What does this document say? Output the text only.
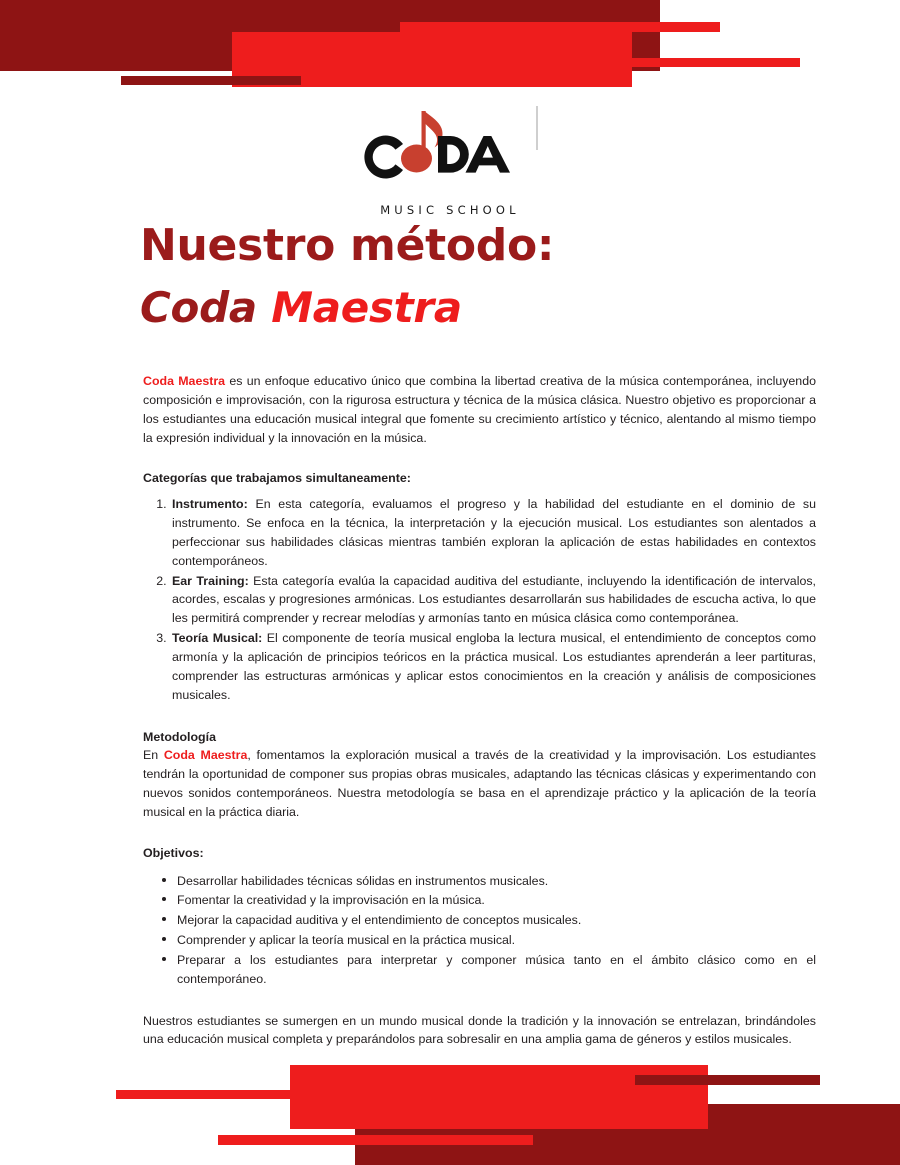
MUSIC SCHOOL
Nuestro método:
Coda Maestra

Coda Maestra es un enfoque educativo único que combina la libertad creativa de la música contemporánea, incluyendo composición e improvisación, con la rigurosa estructura y técnica de la música clásica. Nuestro objetivo es proporcionar a los estudiantes una educación musical integral que fomente su crecimiento artístico y técnico, alentando al mismo tiempo la expresión individual y la innovación en la música.

Categorías que trabajamos simultaneamente:

1. Instrumento: En esta categoría, evaluamos el progreso y la habilidad del estudiante en el dominio de su instrumento. Se enfoca en la técnica, la interpretación y la ejecución musical. Los estudiantes son alentados a perfeccionar sus habilidades clásicas mientras también exploran la aplicación de estas habilidades en contextos contemporáneos.
2. Ear Training: Esta categoría evalúa la capacidad auditiva del estudiante, incluyendo la identificación de intervalos, acordes, escalas y progresiones armónicas. Los estudiantes desarrollarán sus habilidades de escucha activa, lo que les permitirá comprender y recrear melodías y armonías tanto en música clásica como contemporánea.
3. Teoría Musical: El componente de teoría musical engloba la lectura musical, el entendimiento de conceptos como armonía y la aplicación de principios teóricos en la práctica musical. Los estudiantes aprenderán a leer partituras, comprender las estructuras armónicas y aplicar estos conocimientos en la creación y análisis de composiciones musicales.

Metodología

En Coda Maestra, fomentamos la exploración musical a través de la creatividad y la improvisación. Los estudiantes tendrán la oportunidad de componer sus propias obras musicales, adaptando las técnicas clásicas y experimentando con nuevos sonidos contemporáneos. Nuestra metodología se basa en el aprendizaje práctico y la aplicación de la teoría musical en la práctica diaria.

Objetivos:

Desarrollar habilidades técnicas sólidas en instrumentos musicales.
Fomentar la creatividad y la improvisación en la música.
Mejorar la capacidad auditiva y el entendimiento de conceptos musicales.
Comprender y aplicar la teoría musical en la práctica musical.
Preparar a los estudiantes para interpretar y componer música tanto en el ámbito clásico como en el contemporáneo.

Nuestros estudiantes se sumergen en un mundo musical donde la tradición y la innovación se entrelazan, brindándoles una educación musical completa y preparándolos para sobresalir en una amplia gama de géneros y estilos musicales.
